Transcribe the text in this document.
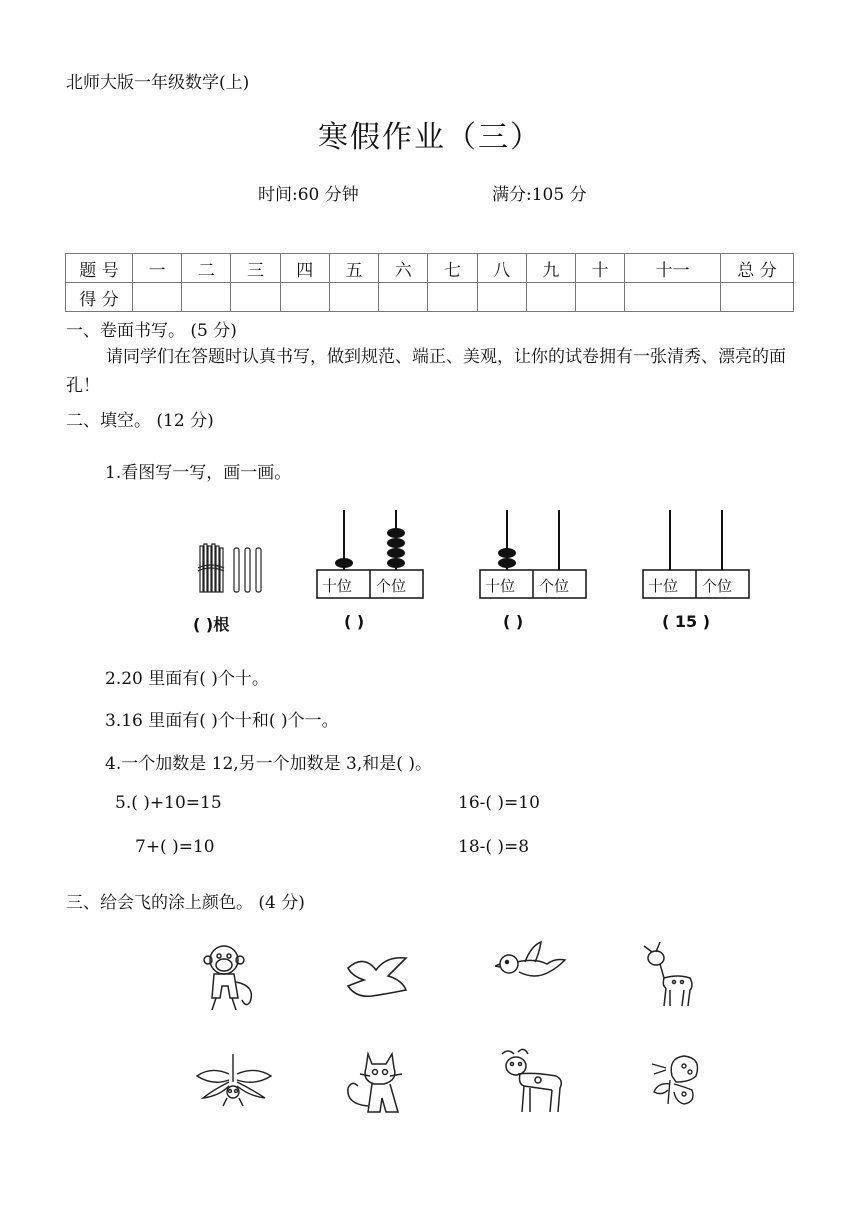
北师大版一年级数学(上)
寒假作业（三）
时间:60 分钟	满分:105 分
题 号	一	二	三	四	五	六	七	八	九	十	十一	总 分
得 分												
一、卷面书写。 (5 分)
请同学们在答题时认真书写，做到规范、端正、美观，让你的试卷拥有一张清秀、漂亮的面孔！
二、填空。 (12 分)
1.看图写一写，画一画。
( )根
十位 个位
( )
十位 个位
( )
十位 个位
( 15 )
2.20 里面有( )个十。
3.16 里面有( )个十和( )个一。
4.一个加数是 12,另一个加数是 3,和是( )。
5.( )+10=15	16-( )=10
7+( )=10	18-( )=8
三、给会飞的涂上颜色。 (4 分)
